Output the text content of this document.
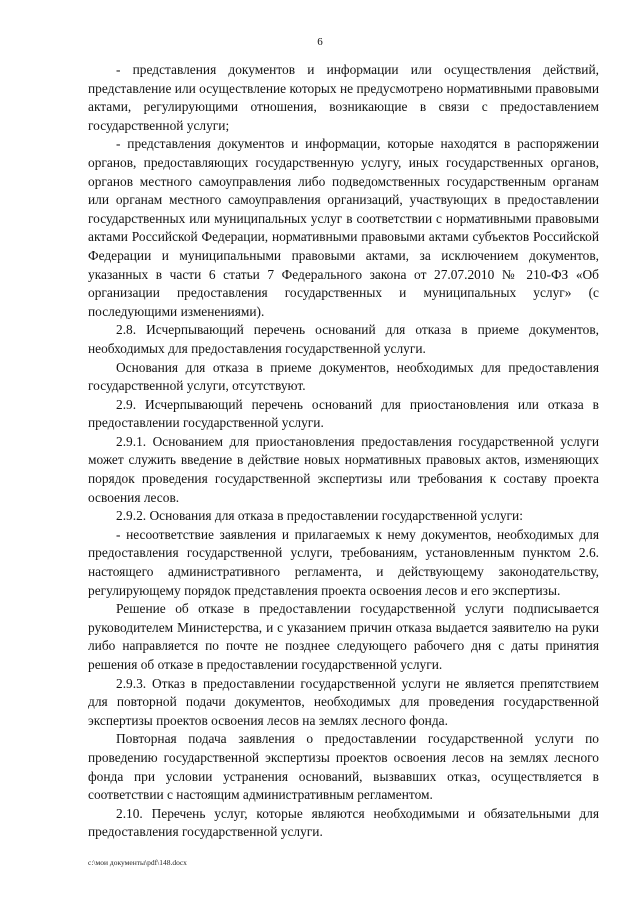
6

- представления документов и информации или осуществления действий, представление или осуществление которых не предусмотрено нормативными правовыми актами, регулирующими отношения, возникающие в связи с предоставлением государственной услуги;

- представления документов и информации, которые находятся в распоряжении органов, предоставляющих государственную услугу, иных государственных органов, органов местного самоуправления либо подведомственных государственным органам или органам местного самоуправления организаций, участвующих в предоставлении государственных или муниципальных услуг в соответствии с нормативными правовыми актами Российской Федерации, нормативными правовыми актами субъектов Российской Федерации и муниципальными правовыми актами, за исключением документов, указанных в части 6 статьи 7 Федерального закона от 27.07.2010 № 210-ФЗ «Об организации предоставления государственных и муниципальных услуг» (с последующими изменениями).

2.8. Исчерпывающий перечень оснований для отказа в приеме документов, необходимых для предоставления государственной услуги.

Основания для отказа в приеме документов, необходимых для предоставления государственной услуги, отсутствуют.

2.9. Исчерпывающий перечень оснований для приостановления или отказа в предоставлении государственной услуги.

2.9.1. Основанием для приостановления предоставления государственной услуги может служить введение в действие новых нормативных правовых актов, изменяющих порядок проведения государственной экспертизы или требования к составу проекта освоения лесов.

2.9.2. Основания для отказа в предоставлении государственной услуги:

- несоответствие заявления и прилагаемых к нему документов, необходимых для предоставления государственной услуги, требованиям, установленным пунктом 2.6. настоящего административного регламента, и действующему законодательству, регулирующему порядок представления проекта освоения лесов и его экспертизы.

Решение об отказе в предоставлении государственной услуги подписывается руководителем Министерства, и с указанием причин отказа выдается заявителю на руки либо направляется по почте не позднее следующего рабочего дня с даты принятия решения об отказе в предоставлении государственной услуги.

2.9.3. Отказ в предоставлении государственной услуги не является препятствием для повторной подачи документов, необходимых для проведения государственной экспертизы проектов освоения лесов на землях лесного фонда.

Повторная подача заявления о предоставлении государственной услуги по проведению государственной экспертизы проектов освоения лесов на землях лесного фонда при условии устранения оснований, вызвавших отказ, осуществляется в соответствии с настоящим административным регламентом.

2.10. Перечень услуг, которые являются необходимыми и обязательными для предоставления государственной услуги.

c:\мои документы\pdf\148.docx
